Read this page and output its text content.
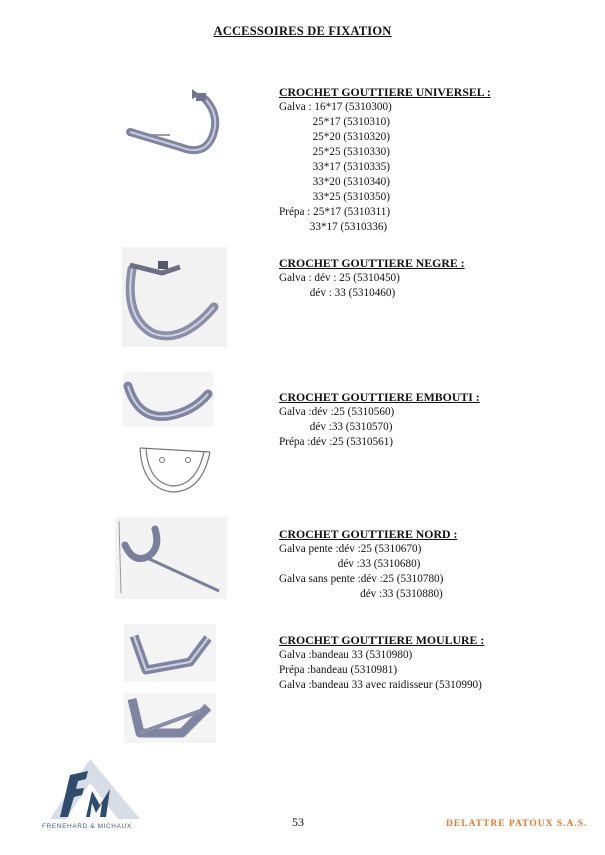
ACCESSOIRES DE FIXATION
CROCHET GOUTTIERE UNIVERSEL :
Galva : 16*17 (5310300)
25*17 (5310310)
25*20 (5310320)
25*25 (5310330)
33*17 (5310335)
33*20 (5310340)
33*25 (5310350)
Prépa : 25*17 (5310311)
33*17 (5310336)
CROCHET GOUTTIERE NEGRE :
Galva : dév : 25 (5310450)
dév : 33 (5310460)
CROCHET GOUTTIERE EMBOUTI :
Galva :dév :25 (5310560)
dév :33 (5310570)
Prépa :dév :25 (5310561)
CROCHET GOUTTIERE NORD :
Galva pente :dév :25 (5310670)
dév :33 (5310680)
Galva sans pente :dév :25 (5310780)
dév :33 (5310880)
CROCHET GOUTTIERE MOULURE :
Galva :bandeau 33 (5310980)
Prépa :bandeau (5310981)
Galva :bandeau 33 avec raidisseur (5310990)
FRENEHARD & MICHAUX	53	DELATTRE PATOUX S.A.S.
